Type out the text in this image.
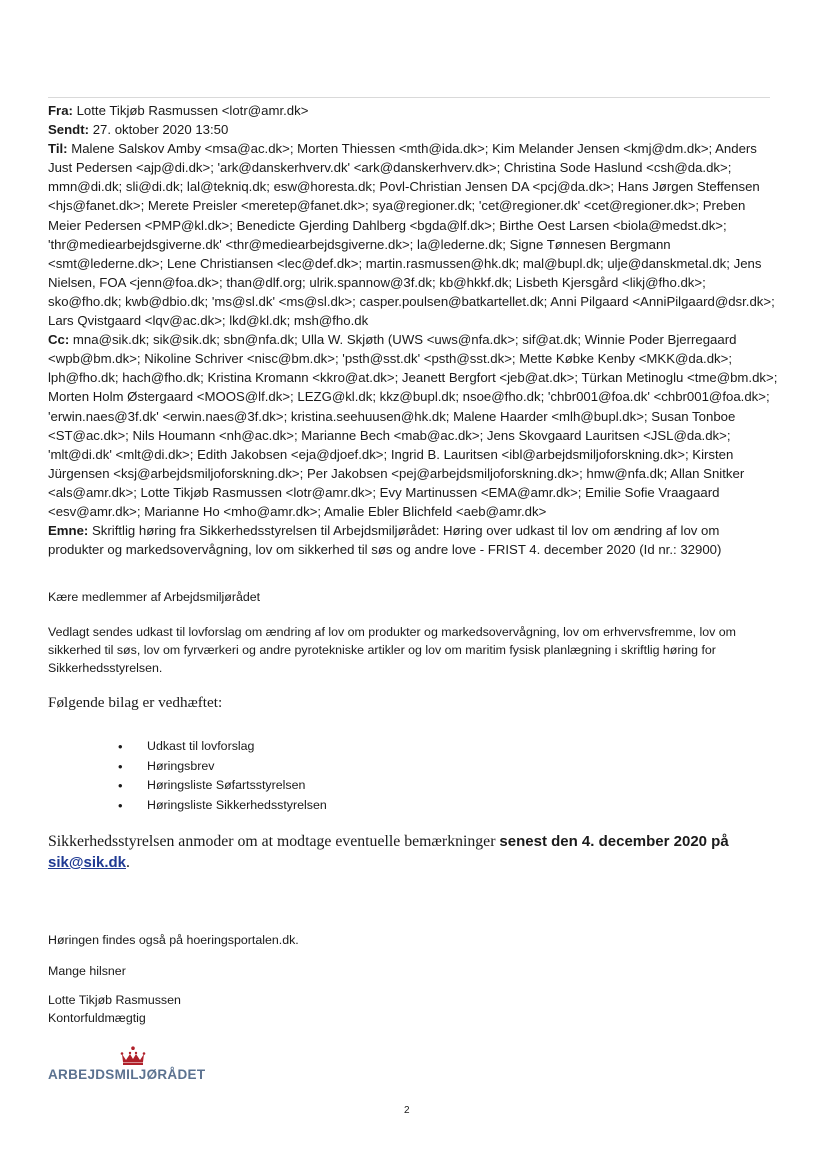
Fra: Lotte Tikjøb Rasmussen <lotr@amr.dk>

Sendt: 27. oktober 2020 13:50

Til: Malene Salskov Amby <msa@ac.dk>; Morten Thiessen <mth@ida.dk>; Kim Melander Jensen <kmj@dm.dk>; Anders Just Pedersen <ajp@di.dk>; 'ark@danskerhverv.dk' <ark@danskerhverv.dk>; Christina Sode Haslund <csh@da.dk>; mmn@di.dk; sli@di.dk; lal@tekniq.dk; esw@horesta.dk; Povl-Christian Jensen DA <pcj@da.dk>; Hans Jørgen Steffensen <hjs@fanet.dk>; Merete Preisler <meretep@fanet.dk>; sya@regioner.dk; 'cet@regioner.dk' <cet@regioner.dk>; Preben Meier Pedersen <PMP@kl.dk>; Benedicte Gjerding Dahlberg <bgda@lf.dk>; Birthe Oest Larsen <biola@medst.dk>; 'thr@mediearbejdsgiverne.dk' <thr@mediearbejdsgiverne.dk>; la@lederne.dk; Signe Tønnesen Bergmann <smt@lederne.dk>; Lene Christiansen <lec@def.dk>; martin.rasmussen@hk.dk; mal@bupl.dk; ulje@danskmetal.dk; Jens Nielsen, FOA <jenn@foa.dk>; than@dlf.org; ulrik.spannow@3f.dk; kb@hkkf.dk; Lisbeth Kjersgård <likj@fho.dk>; sko@fho.dk; kwb@dbio.dk; 'ms@sl.dk' <ms@sl.dk>; casper.poulsen@batkartellet.dk; Anni Pilgaard <AnniPilgaard@dsr.dk>; Lars Qvistgaard <lqv@ac.dk>; lkd@kl.dk; msh@fho.dk

Cc: mna@sik.dk; sik@sik.dk; sbn@nfa.dk; Ulla W. Skjøth (UWS <uws@nfa.dk>; sif@at.dk; Winnie Poder Bjerregaard <wpb@bm.dk>; Nikoline Schriver <nisc@bm.dk>; 'psth@sst.dk' <psth@sst.dk>; Mette Købke Kenby <MKK@da.dk>; lph@fho.dk; hach@fho.dk; Kristina Kromann <kkro@at.dk>; Jeanett Bergfort <jeb@at.dk>; Türkan Metinoglu <tme@bm.dk>; Morten Holm Østergaard <MOOS@lf.dk>; LEZG@kl.dk; kkz@bupl.dk; nsoe@fho.dk; 'chbr001@foa.dk' <chbr001@foa.dk>; 'erwin.naes@3f.dk' <erwin.naes@3f.dk>; kristina.seehuusen@hk.dk; Malene Haarder <mlh@bupl.dk>; Susan Tonboe <ST@ac.dk>; Nils Houmann <nh@ac.dk>; Marianne Bech <mab@ac.dk>; Jens Skovgaard Lauritsen <JSL@da.dk>; 'mlt@di.dk' <mlt@di.dk>; Edith Jakobsen <eja@djoef.dk>; Ingrid B. Lauritsen <ibl@arbejdsmiljoforskning.dk>; Kirsten Jürgensen <ksj@arbejdsmiljoforskning.dk>; Per Jakobsen <pej@arbejdsmiljoforskning.dk>; hmw@nfa.dk; Allan Snitker <als@amr.dk>; Lotte Tikjøb Rasmussen <lotr@amr.dk>; Evy Martinussen <EMA@amr.dk>; Emilie Sofie Vraagaard <esv@amr.dk>; Marianne Ho <mho@amr.dk>; Amalie Ebler Blichfeld <aeb@amr.dk>

Emne: Skriftlig høring fra Sikkerhedsstyrelsen til Arbejdsmiljørådet: Høring over udkast til lov om ændring af lov om produkter og markedsovervågning, lov om sikkerhed til søs og andre love - FRIST 4. december 2020 (Id nr.: 32900)

Kære medlemmer af Arbejdsmiljørådet

Vedlagt sendes udkast til lovforslag om ændring af lov om produkter og markedsovervågning, lov om erhvervsfremme, lov om sikkerhed til søs, lov om fyrværkeri og andre pyrotekniske artikler og lov om maritim fysisk planlægning i skriftlig høring for Sikkerhedsstyrelsen.

Følgende bilag er vedhæftet:

• Udkast til lovforslag
• Høringsbrev
• Høringsliste Søfartsstyrelsen
• Høringsliste Sikkerhedsstyrelsen

Sikkerhedsstyrelsen anmoder om at modtage eventuelle bemærkninger senest den 4. december 2020 på sik@sik.dk.

Høringen findes også på hoeringsportalen.dk.

Mange hilsner

Lotte Tikjøb Rasmussen

Kontorfuldmægtig

ARBEJDSMILJØRÅDET
2
